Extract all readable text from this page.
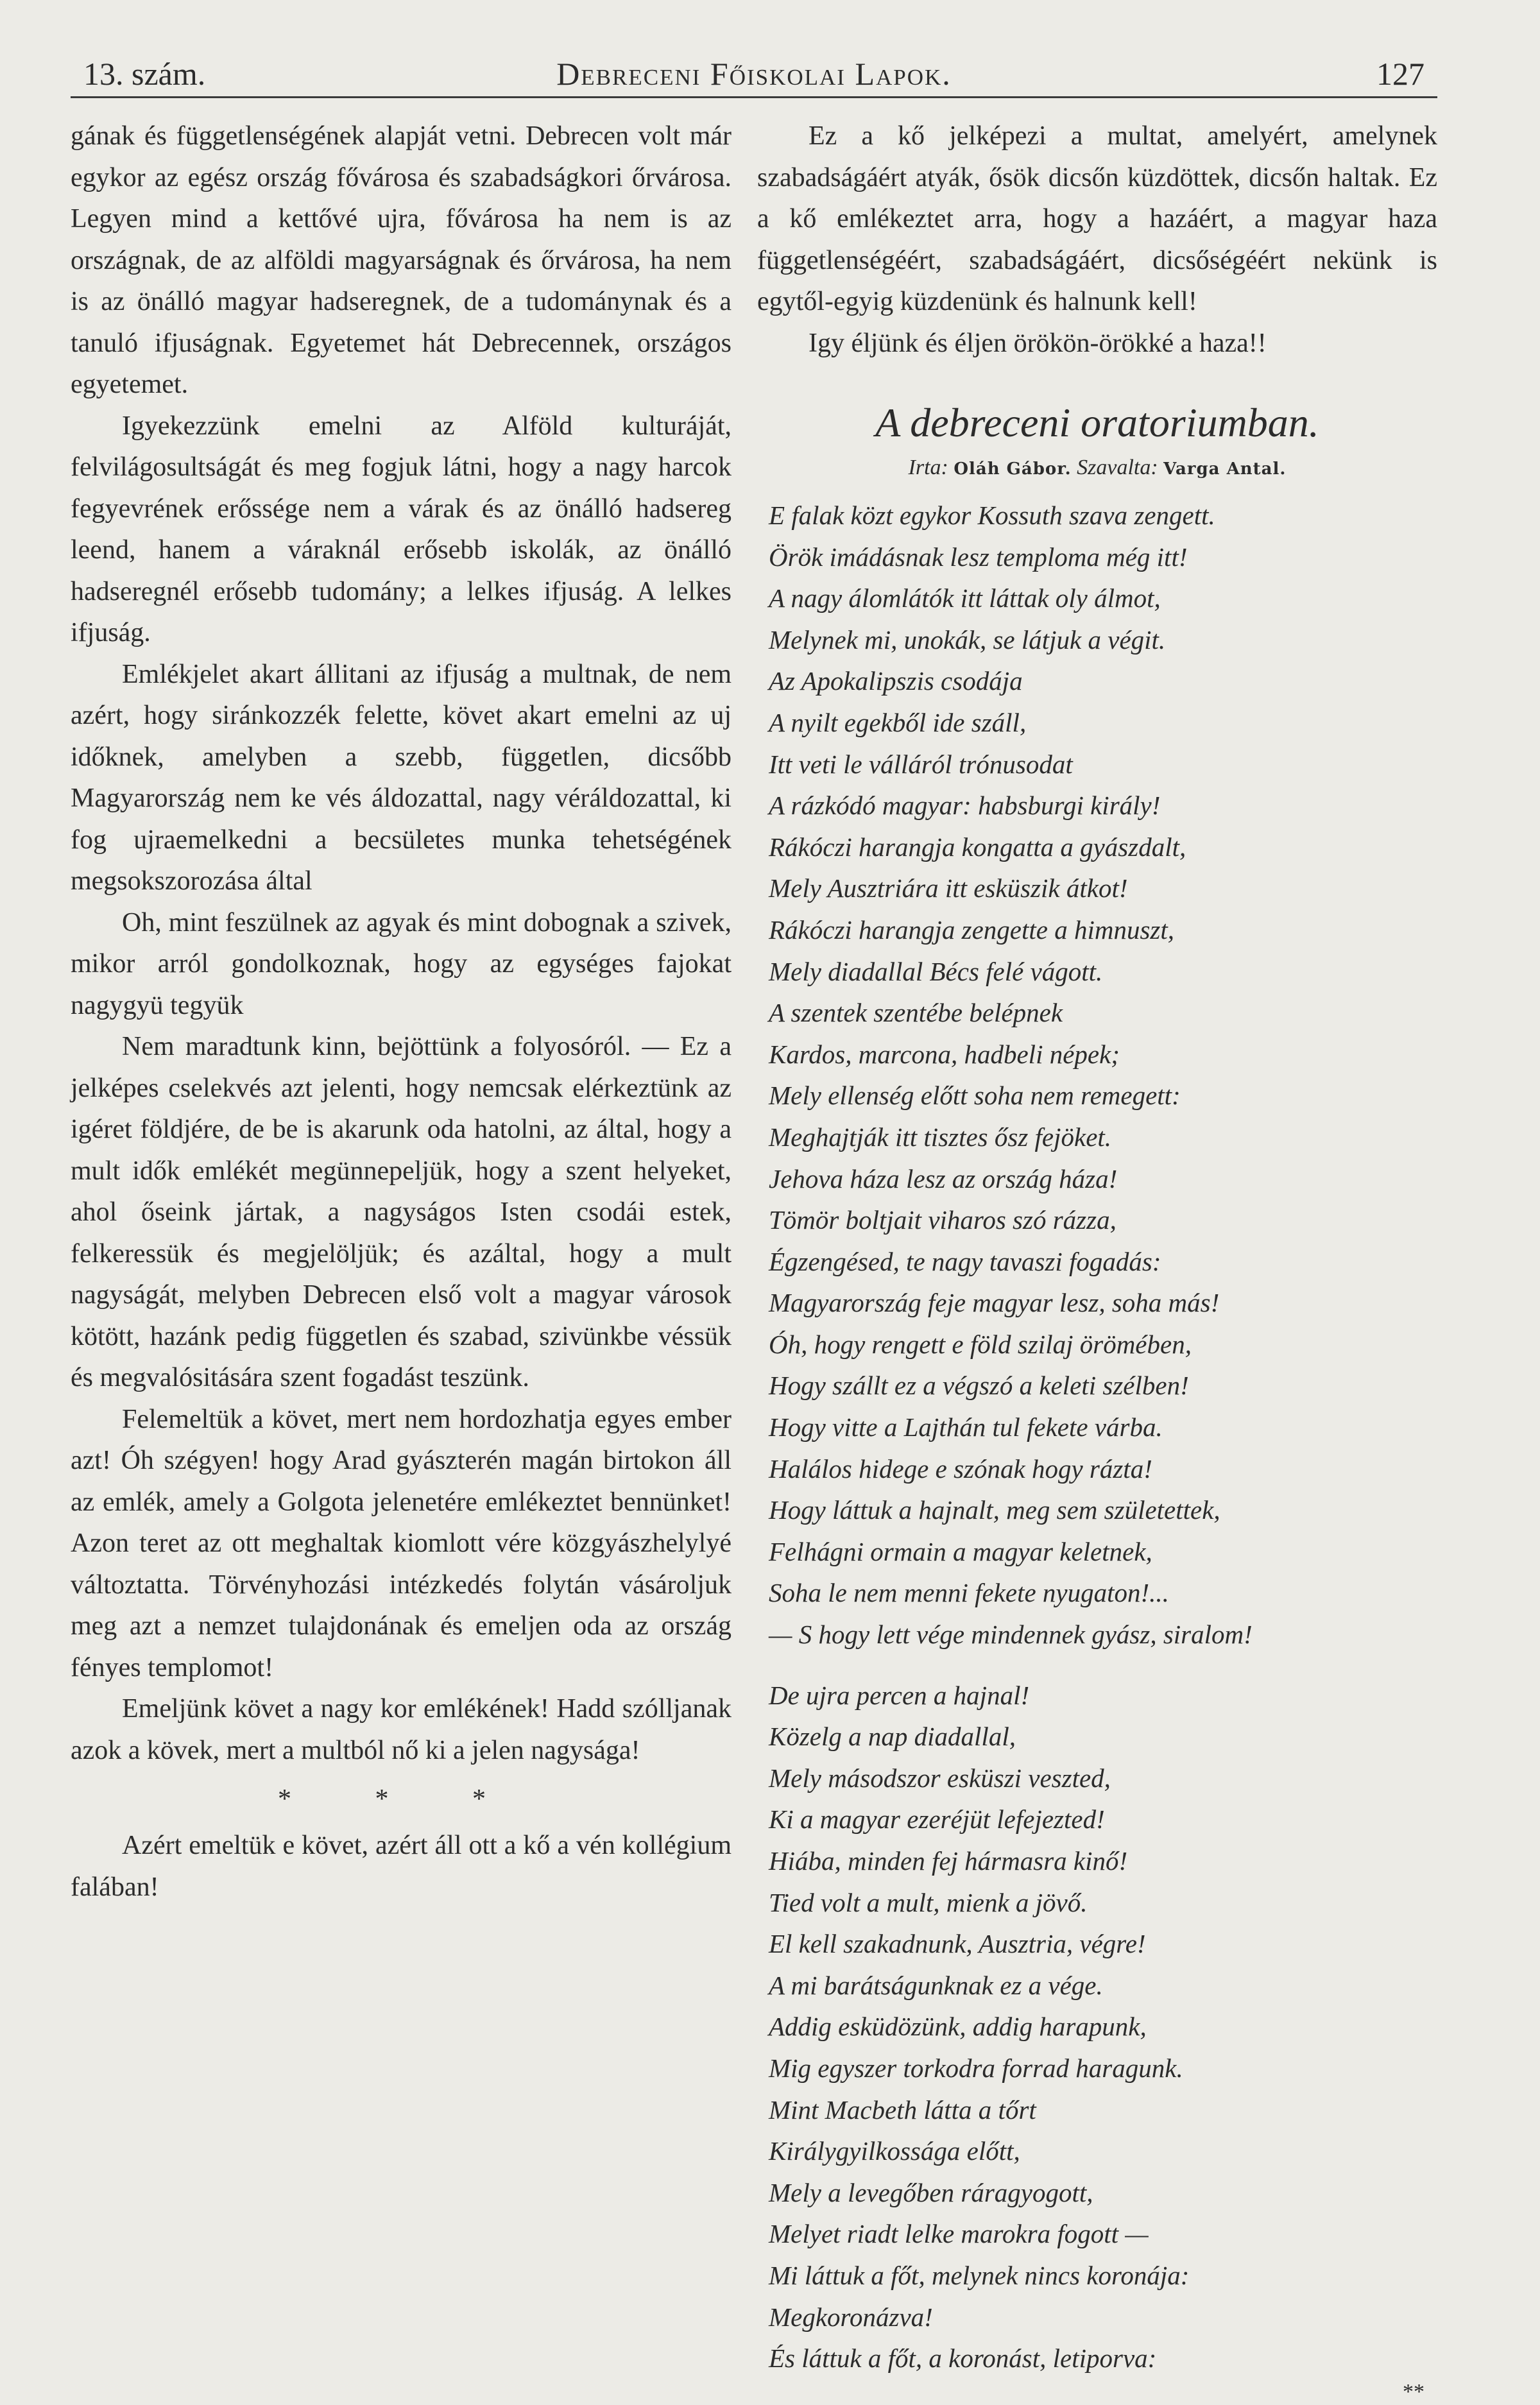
13. szám.	Debreceni Főiskolai Lapok.	127

gának és függetlenségének alapját vetni. Debrecen volt már egykor az egész ország fővárosa és szabadságkori őrvárosa. Legyen mind a kettővé ujra, fővárosa ha nem is az országnak, de az alföldi magyarságnak és őrvárosa, ha nem is az önálló magyar hadseregnek, de a tudománynak és a tanuló ifjuságnak. Egyetemet hát Debrecennek, országos egyetemet.

Igyekezzünk emelni az Alföld kulturáját, felvilágosultságát és meg fogjuk látni, hogy a nagy harcok fegyevrének erőssége nem a várak és az önálló hadsereg leend, hanem a váraknál erősebb iskolák, az önálló hadseregnél erősebb tudomány; a lelkes ifjuság. A lelkes ifjuság.

Emlékjelet akart állitani az ifjuság a multnak, de nem azért, hogy siránkozzék felette, követ akart emelni az uj időknek, amelyben a szebb, független, dicsőbb Magyarország nem ke vés áldozattal, nagy véráldozattal, ki fog ujraemelkedni a becsületes munka tehetségének megsokszorozása által

Oh, mint feszülnek az agyak és mint dobognak a szivek, mikor arról gondolkoznak, hogy az egységes fajokat nagygyü tegyük

Nem maradtunk kinn, bejöttünk a folyosóról. — Ez a jelképes cselekvés azt jelenti, hogy nemcsak elérkeztünk az igéret földjére, de be is akarunk oda hatolni, az által, hogy a mult idők emlékét megünnepeljük, hogy a szent helyeket, ahol őseink jártak, a nagyságos Isten csodái estek, felkeressük és megjelöljük; és azáltal, hogy a mult nagyságát, melyben Debrecen első volt a magyar városok kötött, hazánk pedig független és szabad, szivünkbe véssük és megvalósitására szent fogadást teszünk.

Felemeltük a követ, mert nem hordozhatja egyes ember azt! Óh szégyen! hogy Arad gyászterén magán birtokon áll az emlék, amely a Golgota jelenetére emlékeztet bennünket! Azon teret az ott meghaltak kiomlott vére közgyászhelylyé változtatta. Törvényhozási intézkedés folytán vásároljuk meg azt a nemzet tulajdonának és emeljen oda az ország fényes templomot!

Emeljünk követ a nagy kor emlékének! Hadd szólljanak azok a kövek, mert a multból nő ki a jelen nagysága!

* * *

Azért emeltük e követ, azért áll ott a kő a vén kollégium falában!

Ez a kő jelképezi a multat, amelyért, amelynek szabadságáért atyák, ősök dicsőn küzdöttek, dicsőn haltak. Ez a kő emlékeztet arra, hogy a hazáért, a magyar haza függetlenségéért, szabadságáért, dicsőségéért nekünk is egytől-egyig küzdenünk és halnunk kell!

Igy éljünk és éljen örökön-örökké a haza!!

A debreceni oratoriumban.
Irta: Oláh Gábor. Szavalta: Varga Antal.
E falak közt egykor Kossuth szava zengett.
Örök imádásnak lesz temploma még itt!
A nagy álomlátók itt láttak oly álmot,
Melynek mi, unokák, se látjuk a végit.
Az Apokalipszis csodája
A nyilt egekből ide száll,
Itt veti le válláról trónusodat
A rázkódó magyar: habsburgi király!
Rákóczi harangja kongatta a gyászdalt,
Mely Ausztriára itt esküszik átkot!
Rákóczi harangja zengette a himnuszt,
Mely diadallal Bécs felé vágott.
A szentek szentébe belépnek
Kardos, marcona, hadbeli népek;
Mely ellenség előtt soha nem remegett:
Meghajtják itt tisztes ősz fejöket.
Jehova háza lesz az ország háza!
Tömör boltjait viharos szó rázza,
Égzengésed, te nagy tavaszi fogadás:
Magyarország feje magyar lesz, soha más!
Óh, hogy rengett e föld szilaj örömében,
Hogy szállt ez a végszó a keleti szélben!
Hogy vitte a Lajthán tul fekete várba.
Halálos hidege e szónak hogy rázta!
Hogy láttuk a hajnalt, meg sem születettek,
Felhágni ormain a magyar keletnek,
Soha le nem menni fekete nyugaton!...
— S hogy lett vége mindennek gyász, siralom!
De ujra percen a hajnal!
Közelg a nap diadallal,
Mely másodszor esküszi veszted,
Ki a magyar ezeréjüt lefejezted!
Hiába, minden fej hármasra kinő!
Tied volt a mult, mienk a jövő.
El kell szakadnunk, Ausztria, végre!
A mi barátságunknak ez a vége.
Addig esküdözünk, addig harapunk,
Mig egyszer torkodra forrad haragunk.
Mint Macbeth látta a tőrt
Királygyilkossága előtt,
Mely a levegőben ráragyogott,
Melyet riadt lelke marokra fogott —
Mi láttuk a főt, melynek nincs koronája:
Megkoronázva!
És láttuk a főt, a koronást, letiporva:
**
